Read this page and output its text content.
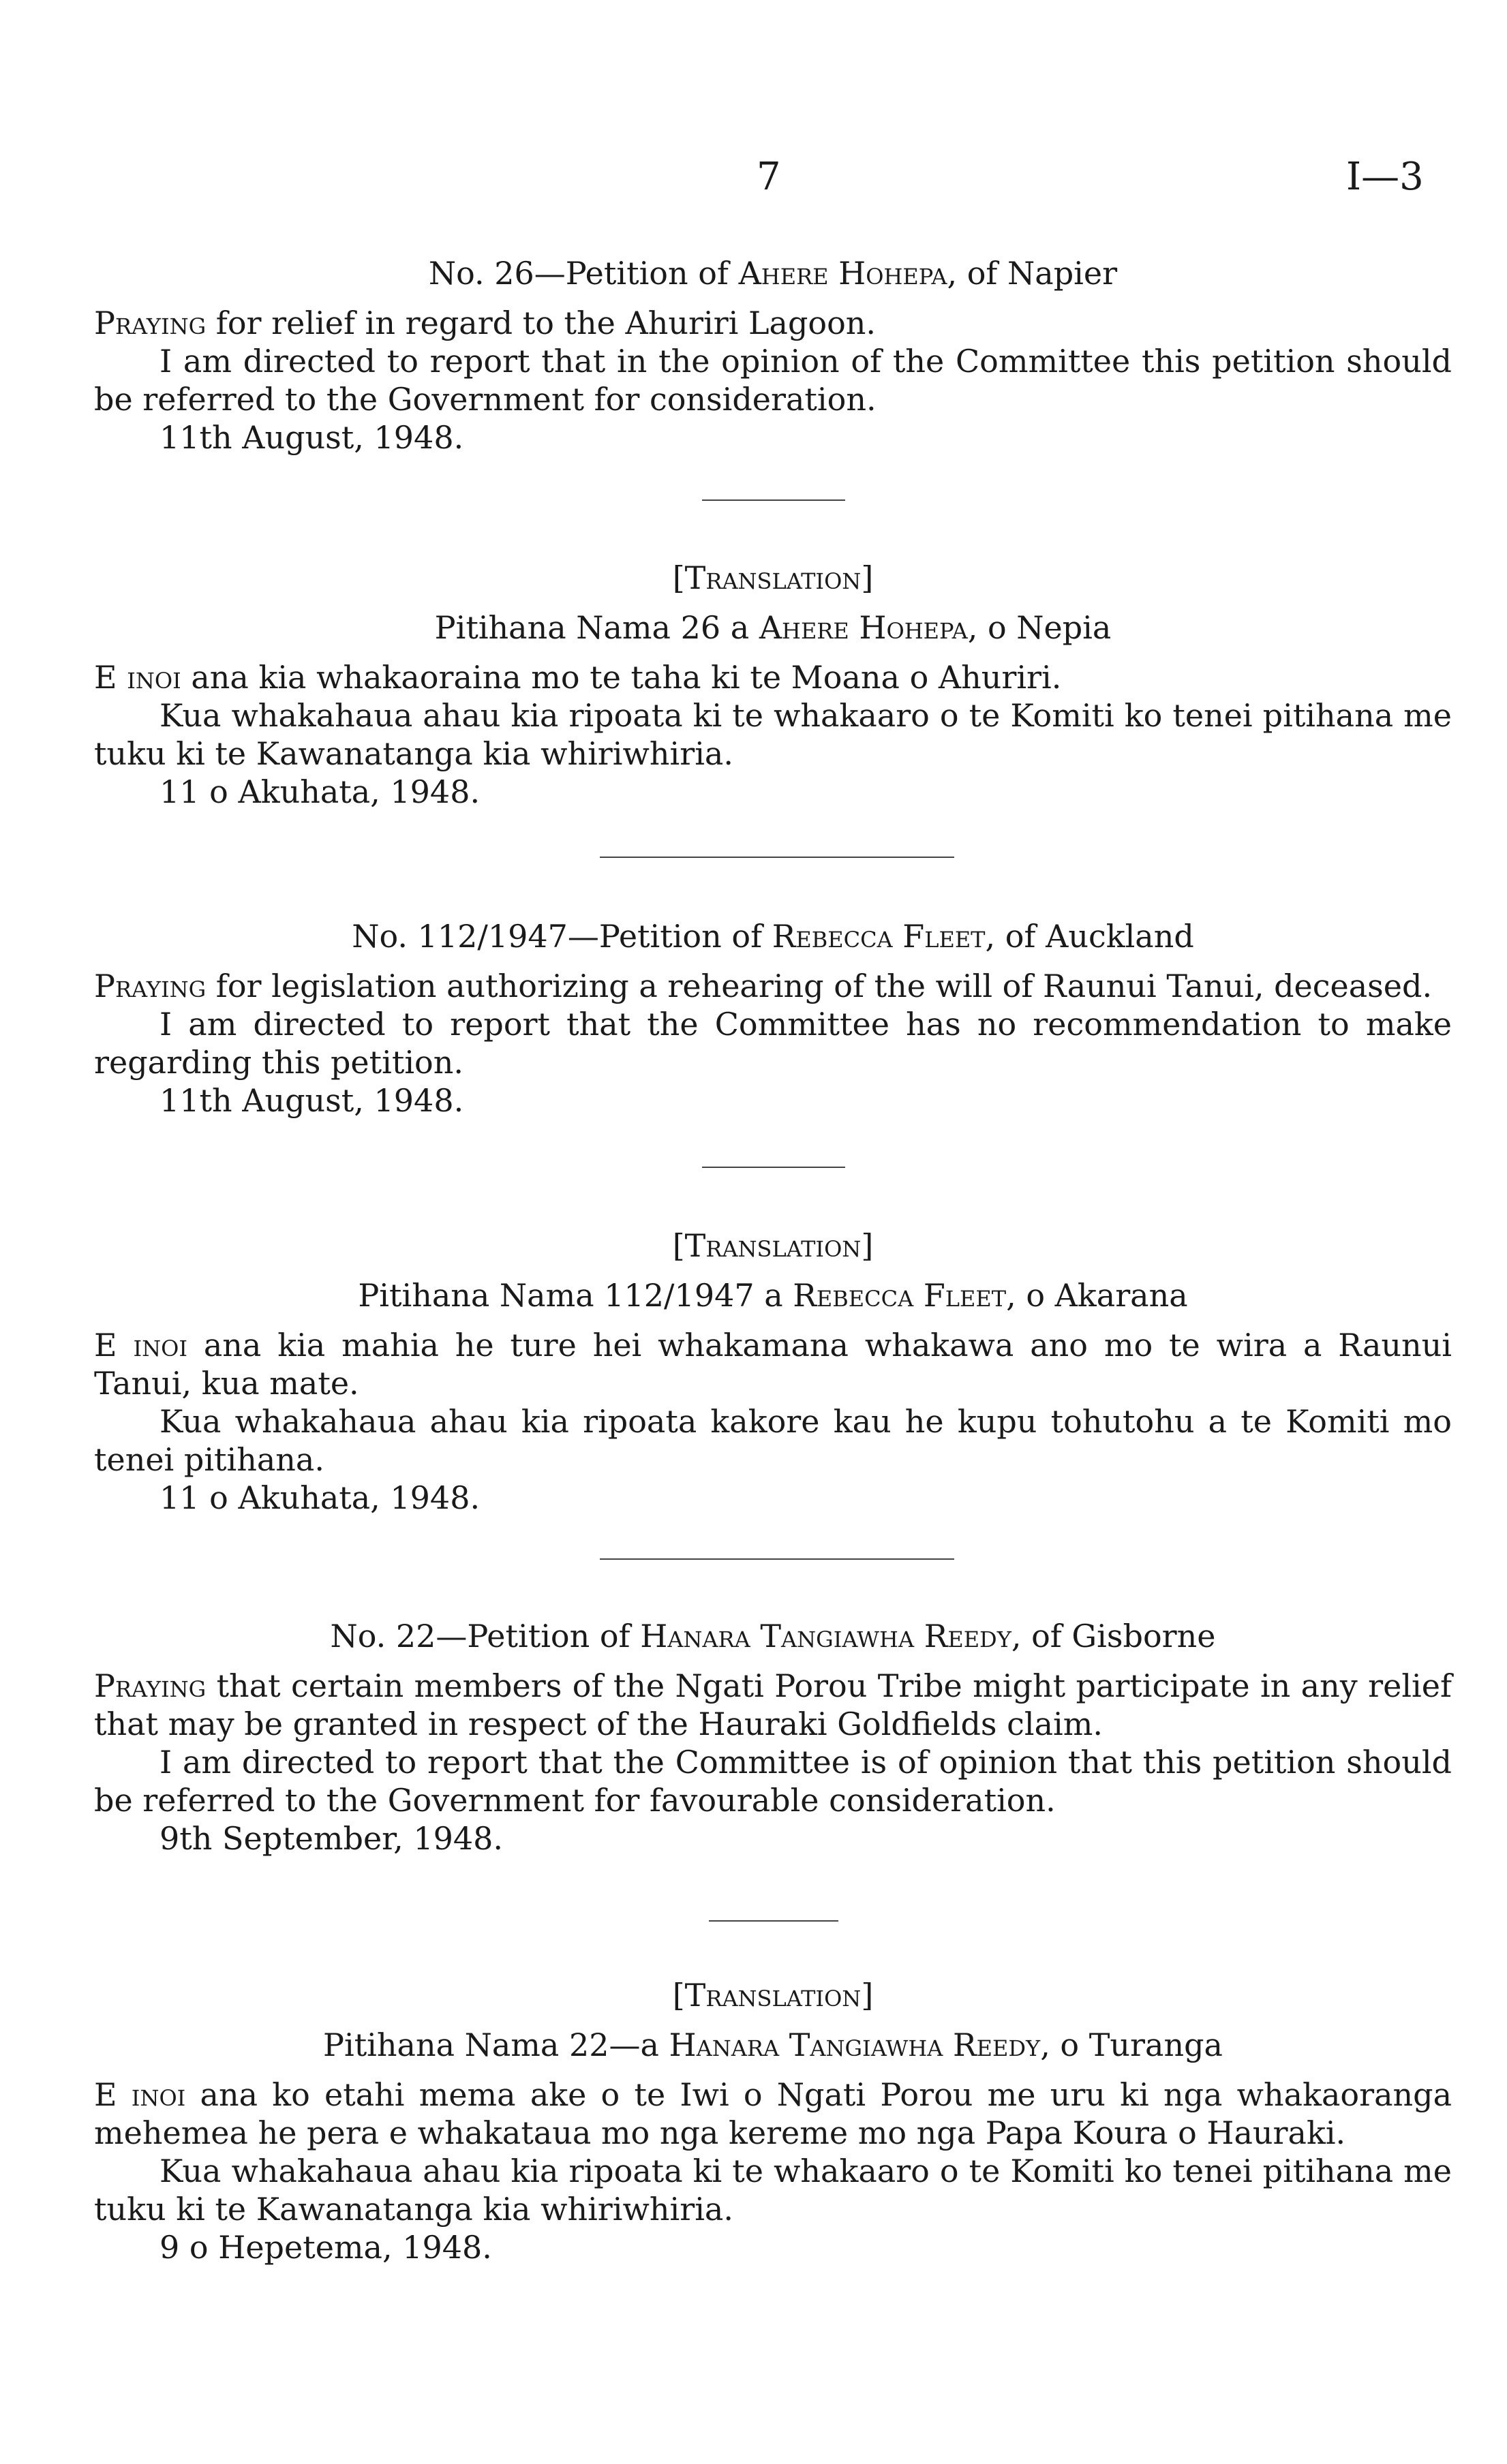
7	I—3
No. 26—Petition of Ahere Hohepa, of Napier

Praying for relief in regard to the Ahuriri Lagoon.

I am directed to report that in the opinion of the Committee this petition should be referred to the Government for consideration.

11th August, 1948.

[Translation]
Pitihana Nama 26 a Ahere Hohepa, o Nepia

E inoi ana kia whakaoraina mo te taha ki te Moana o Ahuriri.

Kua whakahaua ahau kia ripoata ki te whakaaro o te Komiti ko tenei pitihana me tuku ki te Kawanatanga kia whiriwhiria.

11 o Akuhata, 1948.

No. 112/1947—Petition of Rebecca Fleet, of Auckland

Praying for legislation authorizing a rehearing of the will of Raunui Tanui, deceased.

I am directed to report that the Committee has no recommendation to make regarding this petition.

11th August, 1948.

[Translation]
Pitihana Nama 112/1947 a Rebecca Fleet, o Akarana

E inoi ana kia mahia he ture hei whakamana whakawa ano mo te wira a Raunui Tanui, kua mate.

Kua whakahaua ahau kia ripoata kakore kau he kupu tohutohu a te Komiti mo tenei pitihana.

11 o Akuhata, 1948.

No. 22—Petition of Hanara Tangiawha Reedy, of Gisborne

Praying that certain members of the Ngati Porou Tribe might participate in any relief that may be granted in respect of the Hauraki Goldfields claim.

I am directed to report that the Committee is of opinion that this petition should be referred to the Government for favourable consideration.

9th September, 1948.

[Translation]
Pitihana Nama 22—a Hanara Tangiawha Reedy, o Turanga

E inoi ana ko etahi mema ake o te Iwi o Ngati Porou me uru ki nga whakaoranga mehemea he pera e whakataua mo nga kereme mo nga Papa Koura o Hauraki.

Kua whakahaua ahau kia ripoata ki te whakaaro o te Komiti ko tenei pitihana me tuku ki te Kawanatanga kia whiriwhiria.

9 o Hepetema, 1948.
